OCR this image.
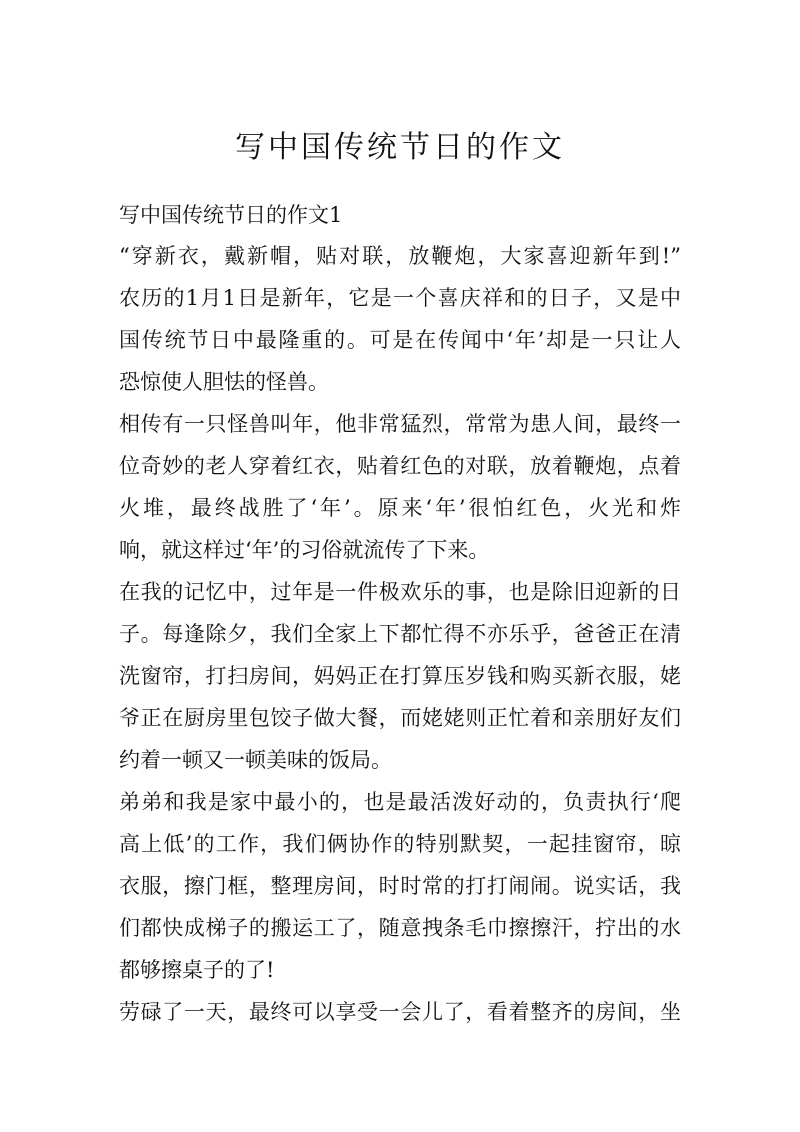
写中国传统节日的作文
写中国传统节日的作文1
“穿新衣，戴新帽，贴对联，放鞭炮，大家喜迎新年到!”
农历的1月1日是新年，它是一个喜庆祥和的日子，又是中
国传统节日中最隆重的。可是在传闻中‘年’却是一只让人
恐惊使人胆怯的怪兽。
相传有一只怪兽叫年，他非常猛烈，常常为患人间，最终一
位奇妙的老人穿着红衣，贴着红色的对联，放着鞭炮，点着
火堆，最终战胜了‘年’。原来‘年’很怕红色，火光和炸
响，就这样过‘年’的习俗就流传了下来。
在我的记忆中，过年是一件极欢乐的事，也是除旧迎新的日
子。每逢除夕，我们全家上下都忙得不亦乐乎，爸爸正在清
洗窗帘，打扫房间，妈妈正在打算压岁钱和购买新衣服，姥
爷正在厨房里包饺子做大餐，而姥姥则正忙着和亲朋好友们
约着一顿又一顿美味的饭局。
弟弟和我是家中最小的，也是最活泼好动的，负责执行‘爬
高上低’的工作，我们俩协作的特别默契，一起挂窗帘，晾
衣服，擦门框，整理房间，时时常的打打闹闹。说实话，我
们都快成梯子的搬运工了，随意拽条毛巾擦擦汗，拧出的水
都够擦桌子的了!
劳碌了一天，最终可以享受一会儿了，看着整齐的房间，坐
